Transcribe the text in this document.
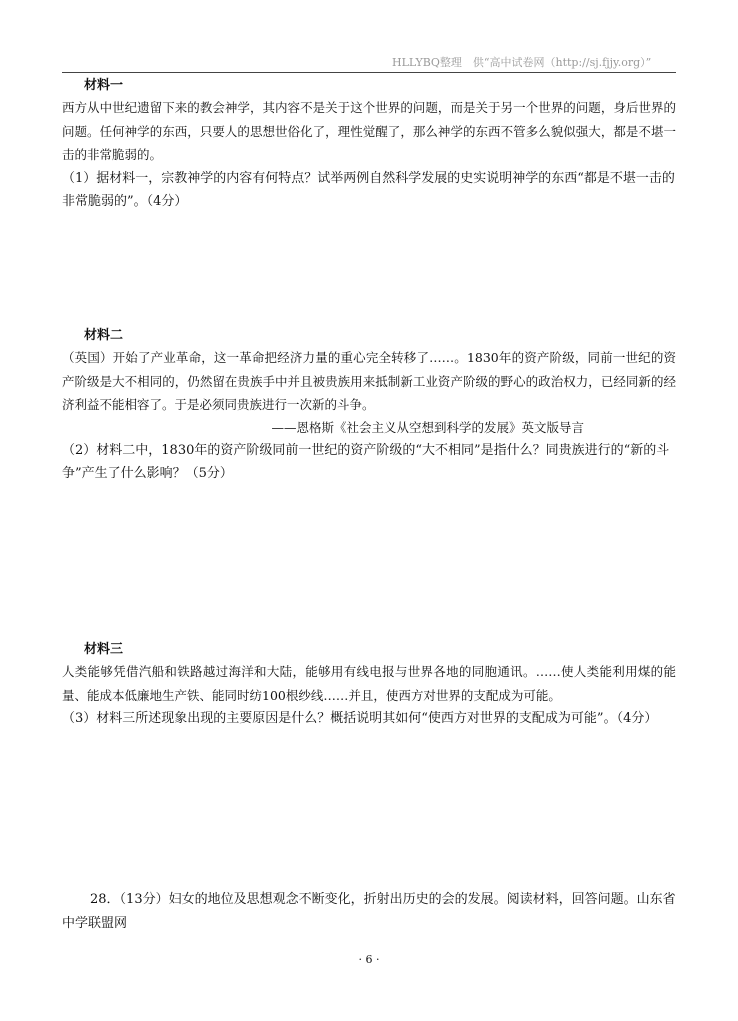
HLLYBQ整理　供“高中试卷网（http://sj.fjjy.org）”
材料一
西方从中世纪遗留下来的教会神学，其内容不是关于这个世界的问题，而是关于另一个世界的问题，身后世界的问题。任何神学的东西，只要人的思想世俗化了，理性觉醒了，那么神学的东西不管多么貌似强大，都是不堪一击的非常脆弱的。
（1）据材料一，宗教神学的内容有何特点？试举两例自然科学发展的史实说明神学的东西“都是不堪一击的非常脆弱的”。（4分）
材料二
（英国）开始了产业革命，这一革命把经济力量的重心完全转移了……。1830年的资产阶级，同前一世纪的资产阶级是大不相同的，仍然留在贵族手中并且被贵族用来抵制新工业资产阶级的野心的政治权力，已经同新的经济利益不能相容了。于是必须同贵族进行一次新的斗争。
——恩格斯《社会主义从空想到科学的发展》英文版导言
（2）材料二中，1830年的资产阶级同前一世纪的资产阶级的“大不相同”是指什么？同贵族进行的“新的斗争”产生了什么影响？（5分）
材料三
人类能够凭借汽船和铁路越过海洋和大陆，能够用有线电报与世界各地的同胞通讯。……使人类能利用煤的能量、能成本低廉地生产铁、能同时纺100根纱线……并且，使西方对世界的支配成为可能。
（3）材料三所述现象出现的主要原因是什么？概括说明其如何“使西方对世界的支配成为可能”。（4分）
28．（13分）妇女的地位及思想观念不断变化，折射出历史的会的发展。阅读材料，回答问题。山东省中学联盟网
· 6 ·
